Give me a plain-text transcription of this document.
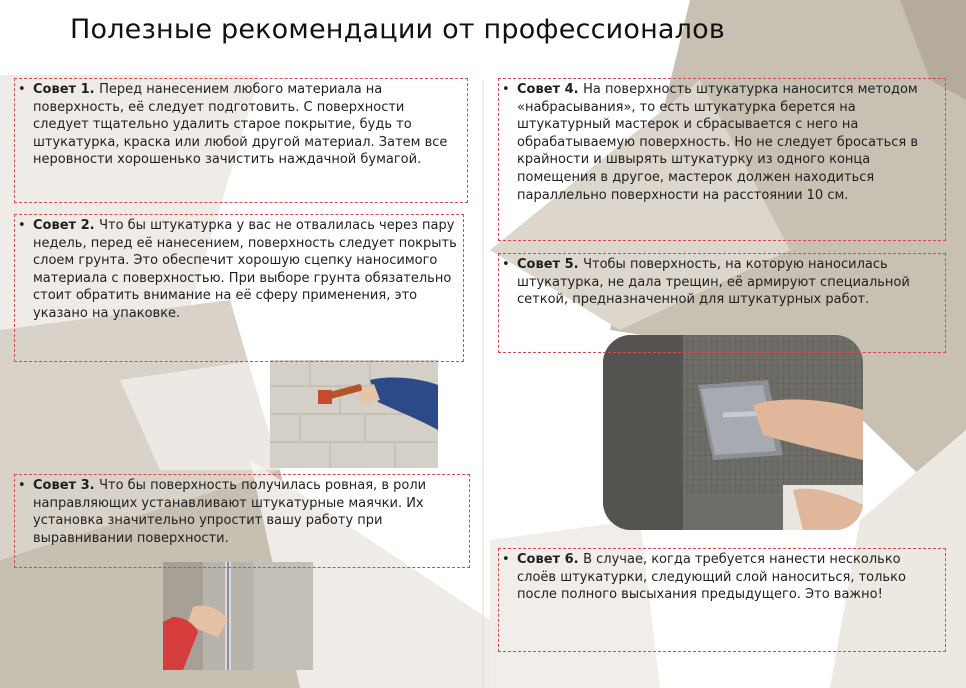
Полезные рекомендации от профессионалов
• Совет 1. Перед нанесением любого материала на поверхность, её следует подготовить. С поверхности следует тщательно удалить старое покрытие, будь то штукатурка, краска или любой другой материал. Затем все неровности хорошенько зачистить наждачной бумагой.
• Совет 2. Что бы штукатурка у вас не отвалилась через пару недель, перед её нанесением, поверхность следует покрыть слоем грунта. Это обеспечит хорошую сцепку наносимого материала с поверхностью. При выборе грунта обязательно стоит обратить внимание на её сферу применения, это указано на упаковке.
• Совет 3. Что бы поверхность получилась ровная, в роли направляющих устанавливают штукатурные маячки. Их установка значительно упростит вашу работу при выравнивании поверхности.
• Совет 4. На поверхность штукатурка наносится методом «набрасывания», то есть штукатурка берется на штукатурный мастерок и сбрасывается с него на обрабатываемую поверхность. Но не следует бросаться в крайности и швырять штукатурку из одного конца помещения в другое, мастерок должен находиться параллельно поверхности на расстоянии 10 см.
• Совет 5. Чтобы поверхность, на которую наносилась штукатурка, не дала трещин, её армируют специальной сеткой, предназначенной для штукатурных работ.
• Совет 6. В случае, когда требуется нанести несколько слоёв штукатурки, следующий слой наноситься, только после полного высыхания предыдущего. Это важно!
